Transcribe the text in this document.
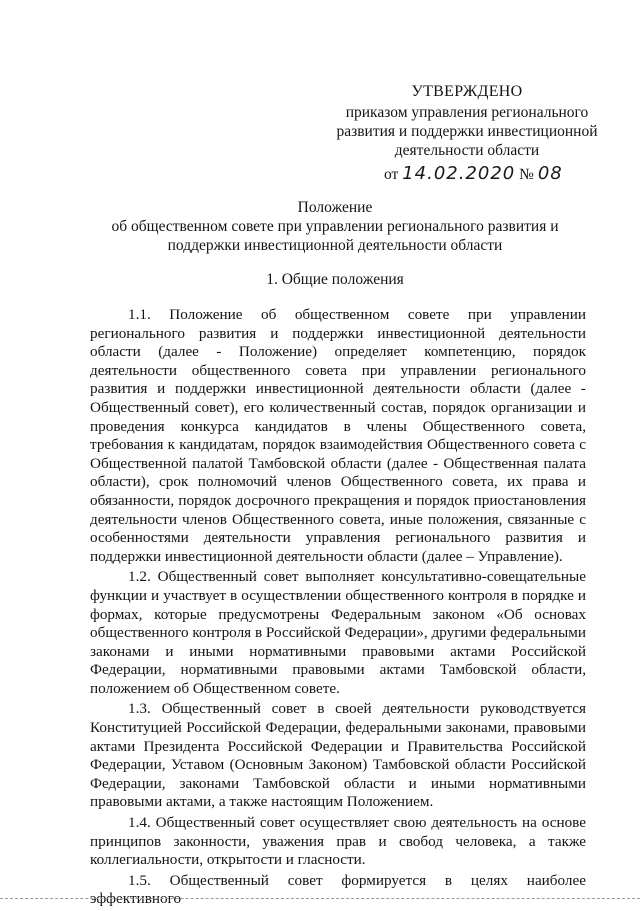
УТВЕРЖДЕНО
приказом управления регионального
развития и поддержки инвестиционной
деятельности области
от 14.02.2020 № 08
Положение
об общественном совете при управлении регионального развития и
поддержки инвестиционной деятельности области
1. Общие положения

1.1. Положение об общественном совете при управлении регионального развития и поддержки инвестиционной деятельности области (далее - Положение) определяет компетенцию, порядок деятельности общественного совета при управлении регионального развития и поддержки инвестиционной деятельности области (далее - Общественный совет), его количественный состав, порядок организации и проведения конкурса кандидатов в члены Общественного совета, требования к кандидатам, порядок взаимодействия Общественного совета с Общественной палатой Тамбовской области (далее - Общественная палата области), срок полномочий членов Общественного совета, их права и обязанности, порядок досрочного прекращения и порядок приостановления деятельности членов Общественного совета, иные положения, связанные с особенностями деятельности управления регионального развития и поддержки инвестиционной деятельности области (далее – Управление).

1.2. Общественный совет выполняет консультативно-совещательные функции и участвует в осуществлении общественного контроля в порядке и формах, которые предусмотрены Федеральным законом «Об основах общественного контроля в Российской Федерации», другими федеральными законами и иными нормативными правовыми актами Российской Федерации, нормативными правовыми актами Тамбовской области, положением об Общественном совете.

1.3. Общественный совет в своей деятельности руководствуется Конституцией Российской Федерации, федеральными законами, правовыми актами Президента Российской Федерации и Правительства Российской Федерации, Уставом (Основным Законом) Тамбовской области Российской Федерации, законами Тамбовской области и иными нормативными правовыми актами, а также настоящим Положением.

1.4. Общественный совет осуществляет свою деятельность на основе принципов законности, уважения прав и свобод человека, а также коллегиальности, открытости и гласности.

1.5. Общественный совет формируется в целях наиболее эффективного
